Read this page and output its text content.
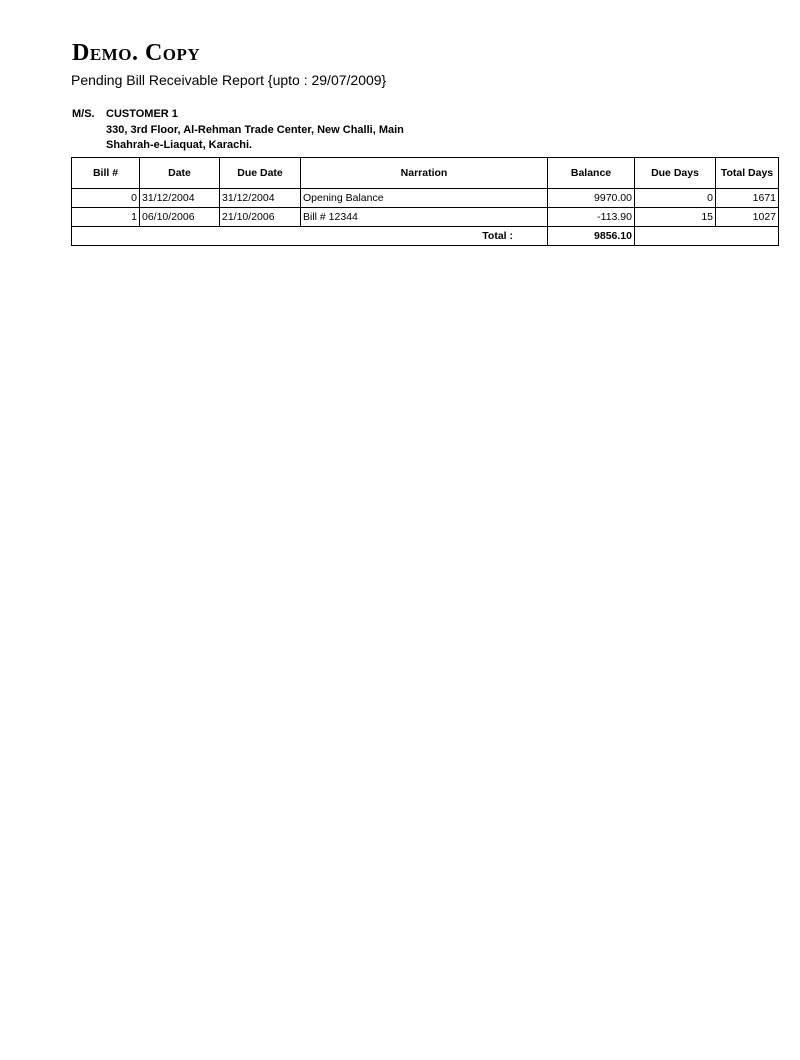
Demo. Copy
Pending Bill Receivable Report {upto : 29/07/2009}
M/S. CUSTOMER 1
330, 3rd Floor, Al-Rehman Trade Center, New Challi, Main
Shahrah-e-Liaquat, Karachi.
Bill #	Date	Due Date	Narration	Balance	Due Days	Total Days
0	31/12/2004	31/12/2004	Opening Balance	9970.00	0	1671
1	06/10/2006	21/10/2006	Bill # 12344	-113.90	15	1027
Total :				9856.10		
